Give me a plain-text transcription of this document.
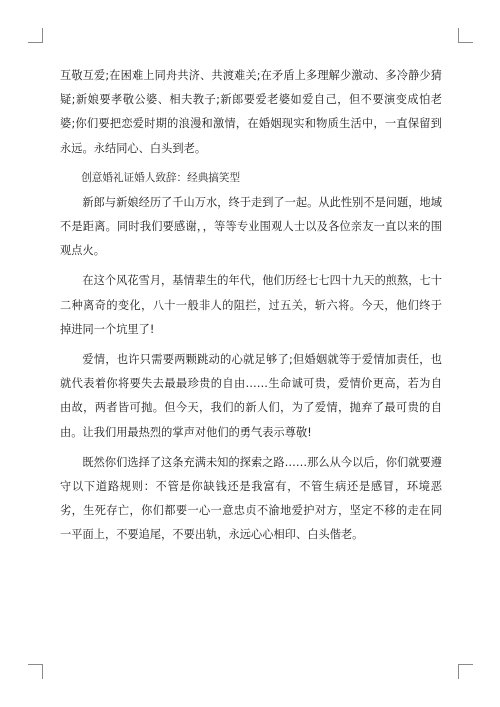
互敬互爱;在困难上同舟共济、共渡难关;在矛盾上多理解少激动、多冷静少猜疑;新娘要孝敬公婆、相夫教子;新郎要爱老婆如爱自己，但不要演变成怕老婆;你们要把恋爱时期的浪漫和激情，在婚姻现实和物质生活中，一直保留到永远。永结同心、白头到老。

创意婚礼证婚人致辞：经典搞笑型

新郎与新娘经历了千山万水，终于走到了一起。从此性别不是问题，地域不是距离。同时我们要感谢，，等等专业围观人士以及各位亲友一直以来的围观点火。

在这个风花雪月，基情辈生的年代，他们历经七七四十九天的煎熬，七十二种离奇的变化，八十一般非人的阻拦，过五关，斩六将。今天，他们终于掉进同一个坑里了!

爱情，也许只需要两颗跳动的心就足够了;但婚姻就等于爱情加责任，也就代表着你将要失去最最珍贵的自由……生命诚可贵，爱情价更高，若为自由故，两者皆可抛。但今天，我们的新人们，为了爱情，抛弃了最可贵的自由。让我们用最热烈的掌声对他们的勇气表示尊敬!

既然你们选择了这条充满未知的探索之路……那么从今以后，你们就要遵守以下道路规则：不管是你缺钱还是我富有，不管生病还是感冒，环境恶劣，生死存亡，你们都要一心一意忠贞不渝地爱护对方，坚定不移的走在同一平面上，不要追尾，不要出轨，永远心心相印、白头偕老。
